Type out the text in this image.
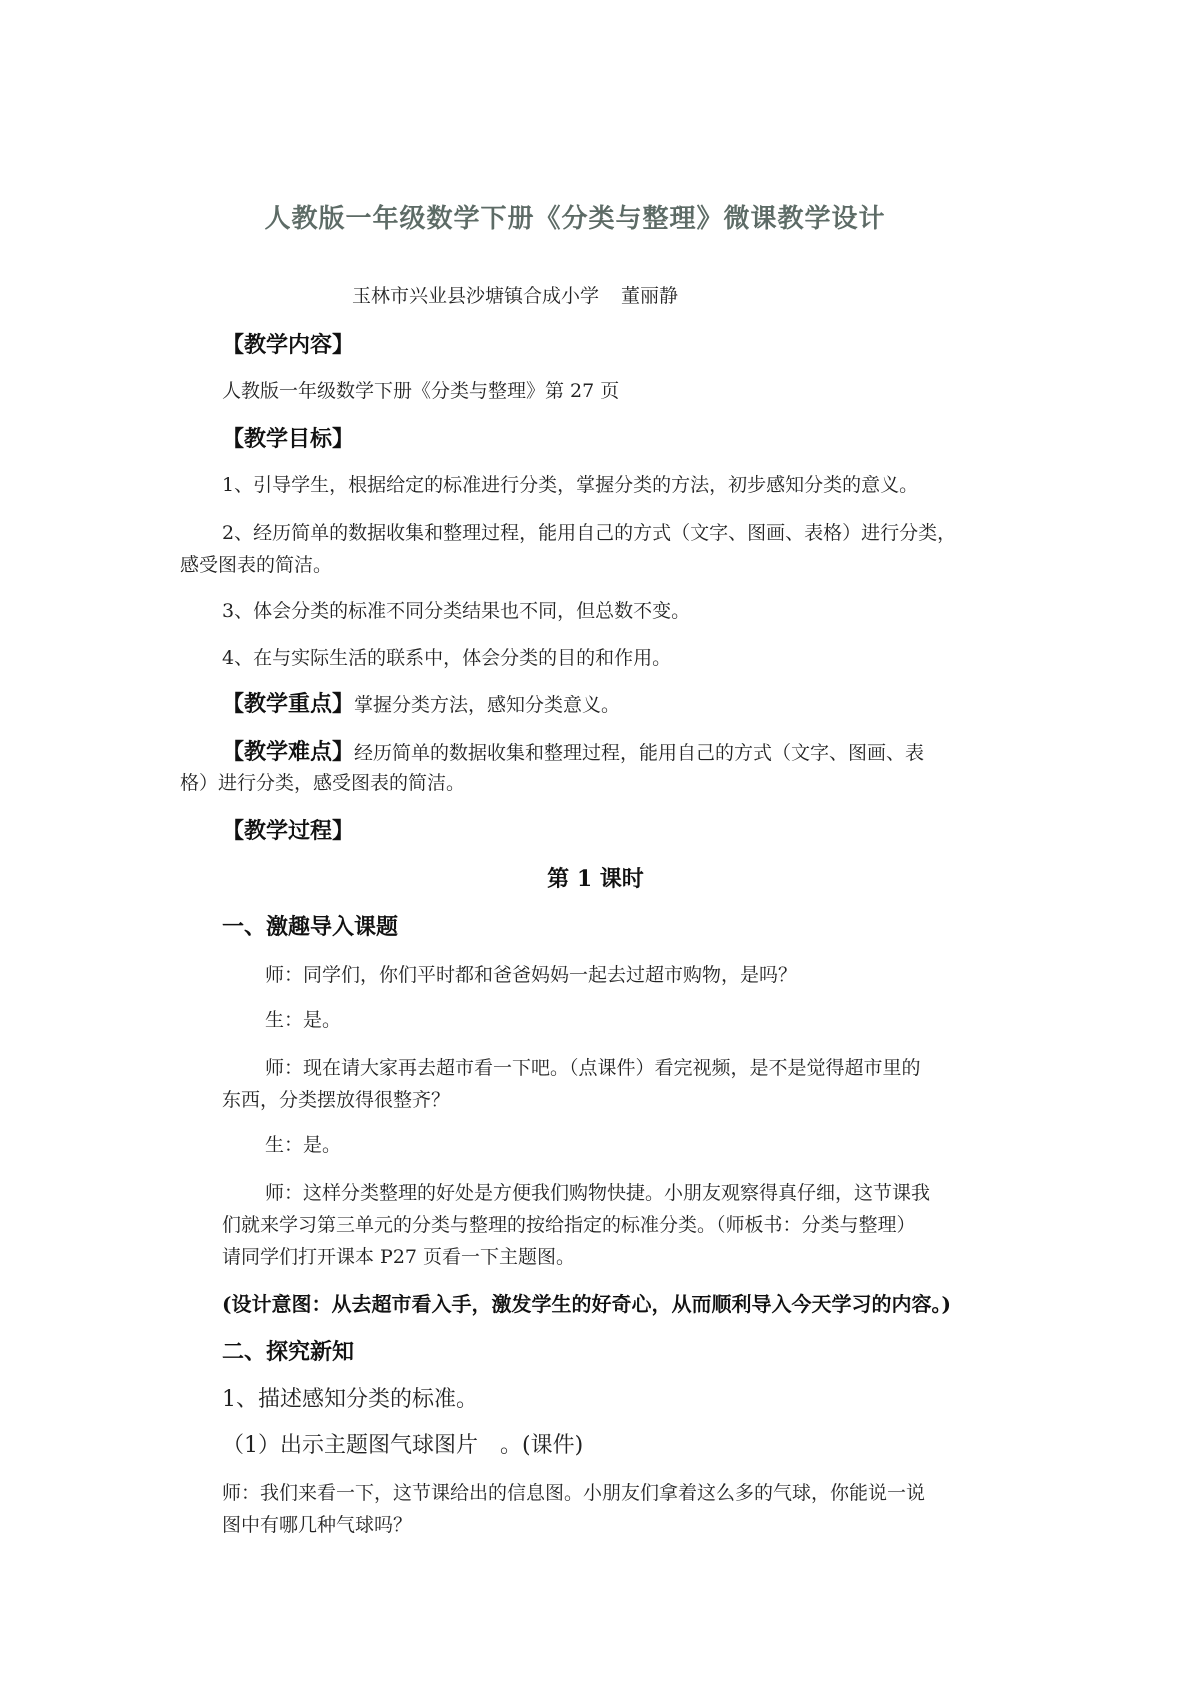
人教版一年级数学下册《分类与整理》微课教学设计
玉林市兴业县沙塘镇合成小学 董丽静
【教学内容】
人教版一年级数学下册《分类与整理》第 27 页
【教学目标】
1、引导学生，根据给定的标准进行分类，掌握分类的方法，初步感知分类的意义。
2、经历简单的数据收集和整理过程，能用自己的方式（文字、图画、表格）进行分类，
感受图表的简洁。
3、体会分类的标准不同分类结果也不同，但总数不变。
4、在与实际生活的联系中，体会分类的目的和作用。
【教学重点】掌握分类方法，感知分类意义。
【教学难点】经历简单的数据收集和整理过程，能用自己的方式（文字、图画、表
格）进行分类，感受图表的简洁。
【教学过程】
第 1 课时
一、激趣导入课题
师：同学们，你们平时都和爸爸妈妈一起去过超市购物，是吗？
生：是。
师：现在请大家再去超市看一下吧。（点课件）看完视频，是不是觉得超市里的
东西，分类摆放得很整齐？
生：是。
师：这样分类整理的好处是方便我们购物快捷。小朋友观察得真仔细，这节课我
们就来学习第三单元的分类与整理的按给指定的标准分类。（师板书：分类与整理）
请同学们打开课本 P27 页看一下主题图。
(设计意图：从去超市看入手，激发学生的好奇心，从而顺利导入今天学习的内容。)
二、探究新知
1、描述感知分类的标准。
（1）出示主题图气球图片　。(课件)
师：我们来看一下，这节课给出的信息图。小朋友们拿着这么多的气球，你能说一说
图中有哪几种气球吗？
